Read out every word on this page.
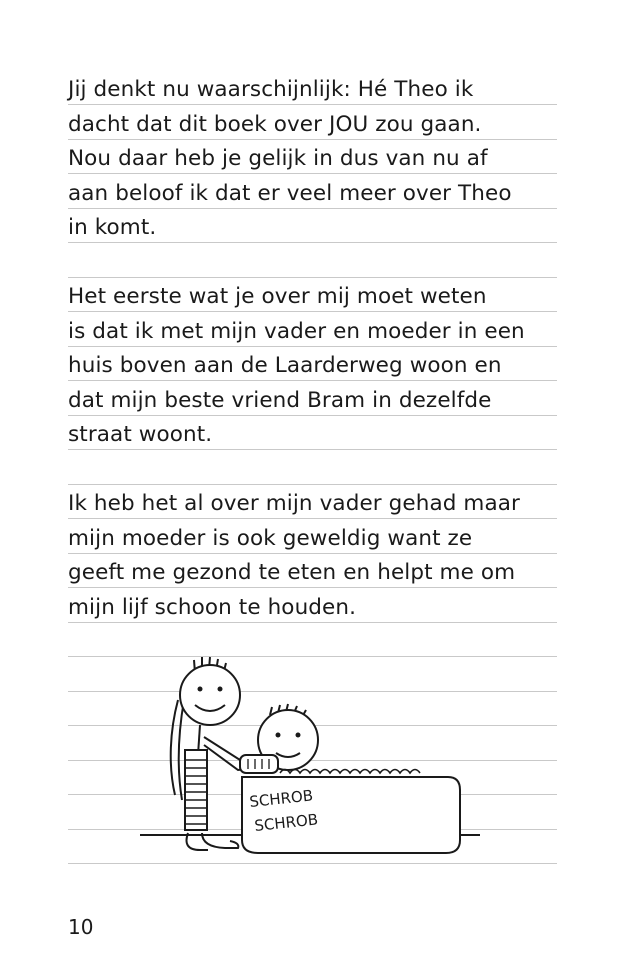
Jij denkt nu waarschijnlijk: Hé Theo ik
dacht dat dit boek over JOU zou gaan.
Nou daar heb je gelijk in dus van nu af
aan beloof ik dat er veel meer over Theo
in komt.
Het eerste wat je over mij moet weten
is dat ik met mijn vader en moeder in een
huis boven aan de Laarderweg woon en
dat mijn beste vriend Bram in dezelfde
straat woont.
Ik heb het al over mijn vader gehad maar
mijn moeder is ook geweldig want ze
geeft me gezond te eten en helpt me om
mijn lijf schoon te houden.
SCHROB
SCHROB
10
